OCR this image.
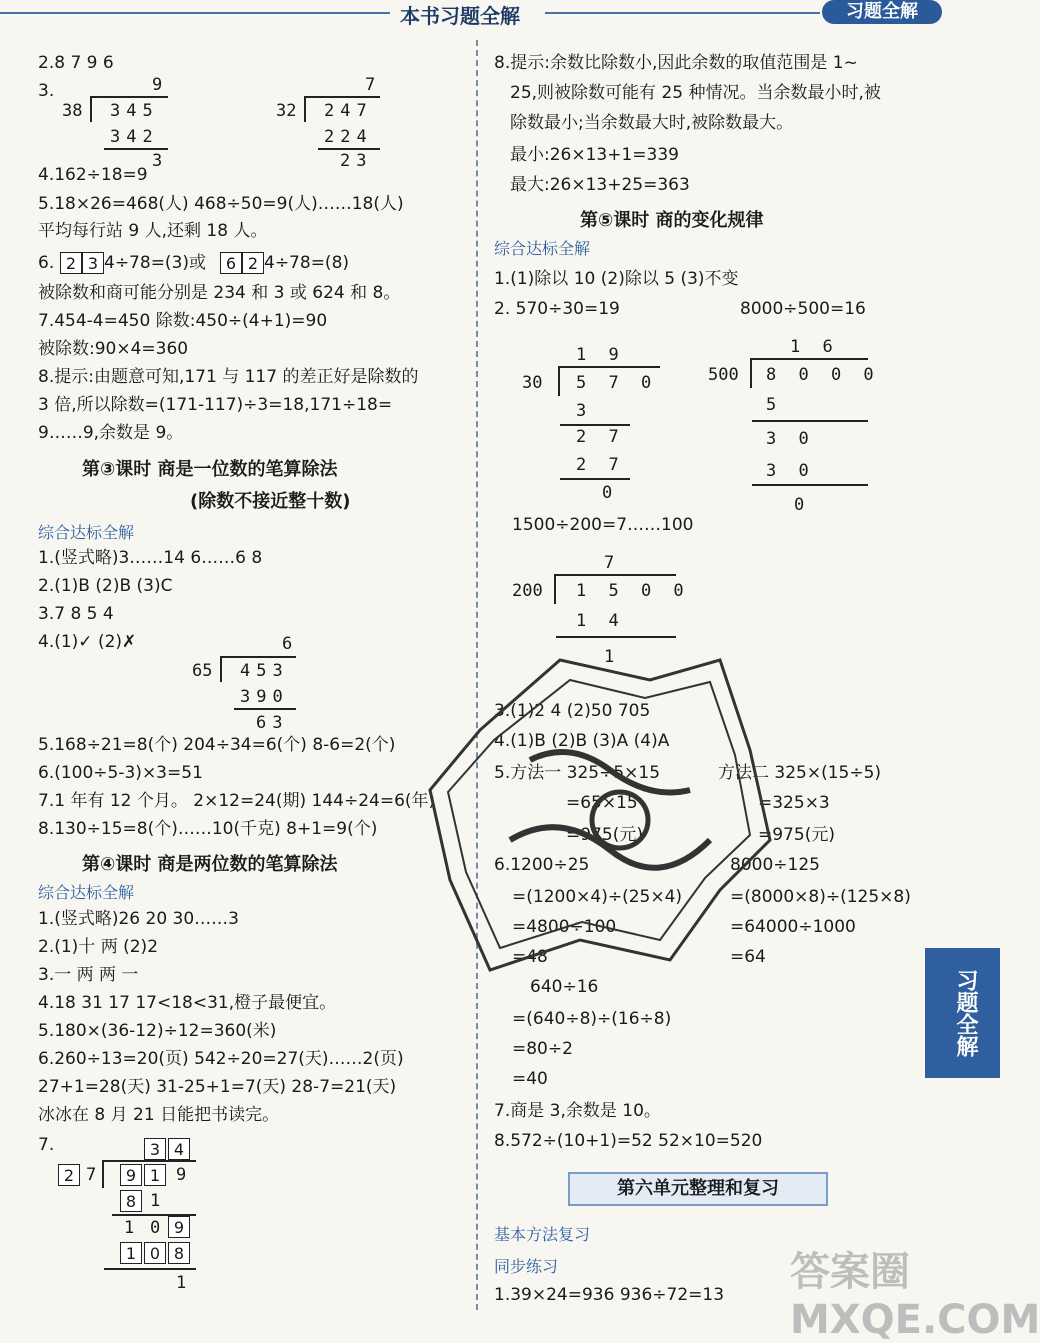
本书习题全解	习题全解
2.8 7 9 6
3.	9
38 345
342
3
7
32 247
224
23
4.162÷18=9
5.18×26=468(人) 468÷50=9(人)……18(人)
平均每行站 9 人,还剩 18 人。
6. 2 3 4÷78=(3)或	6 2 4÷78=(8)
被除数和商可能分别是 234 和 3 或 624 和 8。
7.454-4=450 除数:450÷(4+1)=90
被除数:90×4=360
8.提示:由题意可知,171 与 117 的差正好是除数的
3 倍,所以除数=(171-117)÷3=18,171÷18=
9……9,余数是 9。
第③课时 商是一位数的笔算除法
(除数不接近整十数)
综合达标全解
1.(竖式略)3……14 6……6 8
2.(1)B (2)B (3)C
3.7 8 5 4
4.(1)✓ (2)✗	6
65 453
390
63
5.168÷21=8(个) 204÷34=6(个) 8-6=2(个)
6.(100÷5-3)×3=51
7.1 年有 12 个月。 2×12=24(期) 144÷24=6(年)
8.130÷15=8(个)……10(千克) 8+1=9(个)
第④课时 商是两位数的笔算除法
综合达标全解
1.(竖式略)26 20 30……3
2.(1)十 两 (2)2
3.一 两 两 一
4.18 31 17 17<18<31,橙子最便宜。
5.180×(36-12)÷12=360(米)
6.260÷13=20(页) 542÷20=27(天)……2(页)
27+1=28(天) 31-25+1=7(天) 28-7=21(天)
冰冰在 8 月 21 日能把书读完。
7.	3 4
2 7	9 1 9
8 1
1 0 9
1 0 8
1
8.提示:余数比除数小,因此余数的取值范围是 1~
25,则被除数可能有 25 种情况。当余数最小时,被
除数最小;当余数最大时,被除数最大。
最小:26×13+1=339
最大:26×13+25=363
第⑤课时 商的变化规律
综合达标全解
1.(1)除以 10 (2)除以 5 (3)不变
2. 570÷30=19	8000÷500=16
1 9
30 5 7 0
3
2 7
2 7
0
1 6
500 8 0 0 0
5
3 0
3 0
0
1500÷200=7……100
7
200 1 5 0 0
1 4
1
3.(1)2 4 (2)50 705
4.(1)B (2)B (3)A (4)A
5.方法一 325÷5×15	方法二 325×(15÷5)
=65×15	=325×3
=975(元)	=975(元)
6.1200÷25	8000÷125
=(1200×4)÷(25×4)	=(8000×8)÷(125×8)
=4800÷100	=64000÷1000
=48	=64
640÷16
=(640÷8)÷(16÷8)
=80÷2
=40
7.商是 3,余数是 10。
8.572÷(10+1)=52 52×10=520
第六单元整理和复习
基本方法复习
同步练习
1.39×24=936 936÷72=13
习题全解
答案圈 MXQE.COM
